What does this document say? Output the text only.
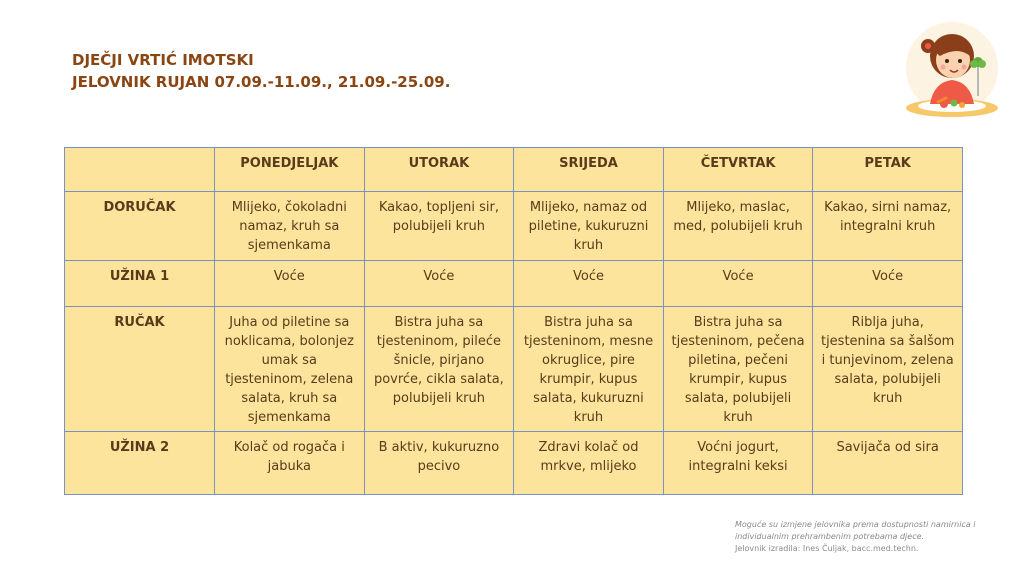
DJEČJI VRTIĆ IMOTSKI
JELOVNIK RUJAN 07.09.-11.09., 21.09.-25.09.
	PONEDJELJAK	UTORAK	SRIJEDA	ČETVRTAK	PETAK
DORUČAK	Mlijeko, čokoladni namaz, kruh sa sjemenkama	Kakao, topljeni sir, polubijeli kruh	Mlijeko, namaz od piletine, kukuruzni kruh	Mlijeko, maslac, med, polubijeli kruh	Kakao, sirni namaz, integralni kruh
UŽINA 1	Voće	Voće	Voće	Voće	Voće
RUČAK	Juha od piletine sa noklicama, bolonjez umak sa tjesteninom, zelena salata, kruh sa sjemenkama	Bistra juha sa tjesteninom, pileće šnicle, pirjano povrće, cikla salata, polubijeli kruh	Bistra juha sa tjesteninom, mesne okruglice, pire krumpir, kupus salata, kukuruzni kruh	Bistra juha sa tjesteninom, pečena piletina, pečeni krumpir, kupus salata, polubijeli kruh	Riblja juha, tjestenina sa šalšom i tunjevinom, zelena salata, polubijeli kruh
UŽINA 2	Kolač od rogača i jabuka	B aktiv, kukuruzno pecivo	Zdravi kolač od mrkve, mlijeko	Voćni jogurt, integralni keksi	Savijača od sira
Moguće su izmjene jelovnika prema dostupnosti namirnica i individualnim prehrambenim potrebama djece.
Jelovnik izradila: Ines Čuljak, bacc.med.techn.
